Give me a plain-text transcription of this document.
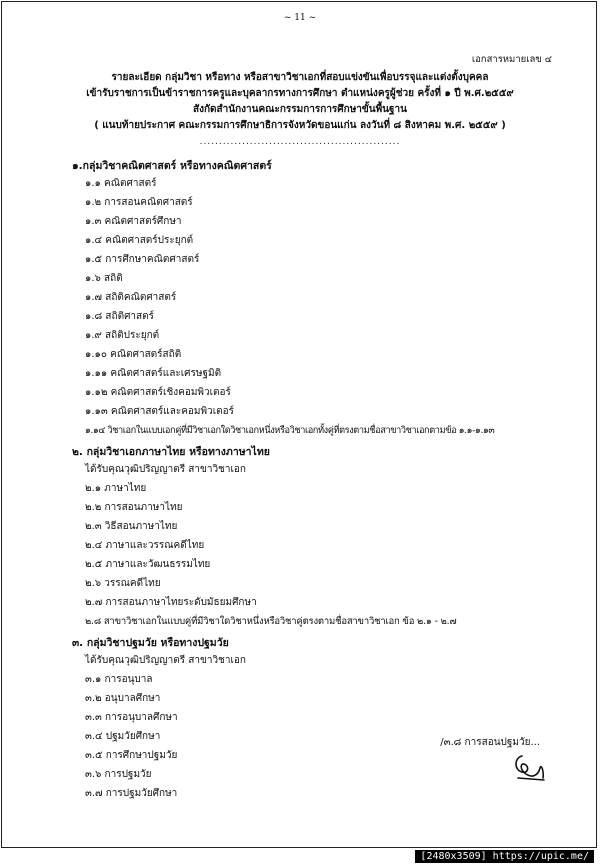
~ 11 ~
เอกสารหมายเลข ๔
รายละเอียด กลุ่มวิชา หรือทาง หรือสาขาวิชาเอกที่สอบแข่งขันเพื่อบรรจุและแต่งตั้งบุคคล
เข้ารับราชการเป็นข้าราชการครูและบุคลากรทางการศึกษา ตำแหน่งครูผู้ช่วย ครั้งที่ ๑ ปี พ.ศ.๒๕๕๙
สังกัดสำนักงานคณะกรรมการการศึกษาขั้นพื้นฐาน
( แนบท้ายประกาศ คณะกรรมการศึกษาธิการจังหวัดขอนแก่น ลงวันที่ ๘ สิงหาคม พ.ศ. ๒๕๕๙ )
....................................................
๑.กลุ่มวิชาคณิตศาสตร์ หรือทางคณิตศาสตร์
๑.๑ คณิตศาสตร์
๑.๒ การสอนคณิตศาสตร์
๑.๓ คณิตศาสตร์ศึกษา
๑.๔ คณิตศาสตร์ประยุกต์
๑.๕ การศึกษาคณิตศาสตร์
๑.๖ สถิติ
๑.๗ สถิติคณิตศาสตร์
๑.๘ สถิติศาสตร์
๑.๙ สถิติประยุกต์
๑.๑๐ คณิตศาสตร์สถิติ
๑.๑๑ คณิตศาสตร์และเศรษฐมิติ
๑.๑๒ คณิตศาสตร์เชิงคอมพิวเตอร์
๑.๑๓ คณิตศาสตร์และคอมพิวเตอร์
๑.๑๔ วิชาเอกในแบบเอกคู่ที่มีวิชาเอกใดวิชาเอกหนึ่งหรือวิชาเอกทั้งคู่ที่ตรงตามชื่อสาขาวิชาเอกตามข้อ ๑.๑-๑.๑๓
๒. กลุ่มวิชาเอกภาษาไทย หรือทางภาษาไทย
ได้รับคุณวุฒิปริญญาตรี สาขาวิชาเอก
๒.๑ ภาษาไทย
๒.๒ การสอนภาษาไทย
๒.๓ วิธีสอนภาษาไทย
๒.๔ ภาษาและวรรณคดีไทย
๒.๕ ภาษาและวัฒนธรรมไทย
๒.๖ วรรณคดีไทย
๒.๗ การสอนภาษาไทยระดับมัธยมศึกษา
๒.๘ สาขาวิชาเอกในแบบคู่ที่มีวิชาใดวิชาหนึ่งหรือวิชาคู่ตรงตามชื่อสาขาวิชาเอก ข้อ ๒.๑ - ๒.๗
๓. กลุ่มวิชาปฐมวัย หรือทางปฐมวัย
ได้รับคุณวุฒิปริญญาตรี สาขาวิชาเอก
๓.๑ การอนุบาล
๓.๒ อนุบาลศึกษา
๓.๓ การอนุบาลศึกษา
๓.๔ ปฐมวัยศึกษา
๓.๕ การศึกษาปฐมวัย
๓.๖ การปฐมวัย
๓.๗ การปฐมวัยศึกษา
/๓.๘ การสอนปฐมวัย...
[2480x3509] https://upic.me/
